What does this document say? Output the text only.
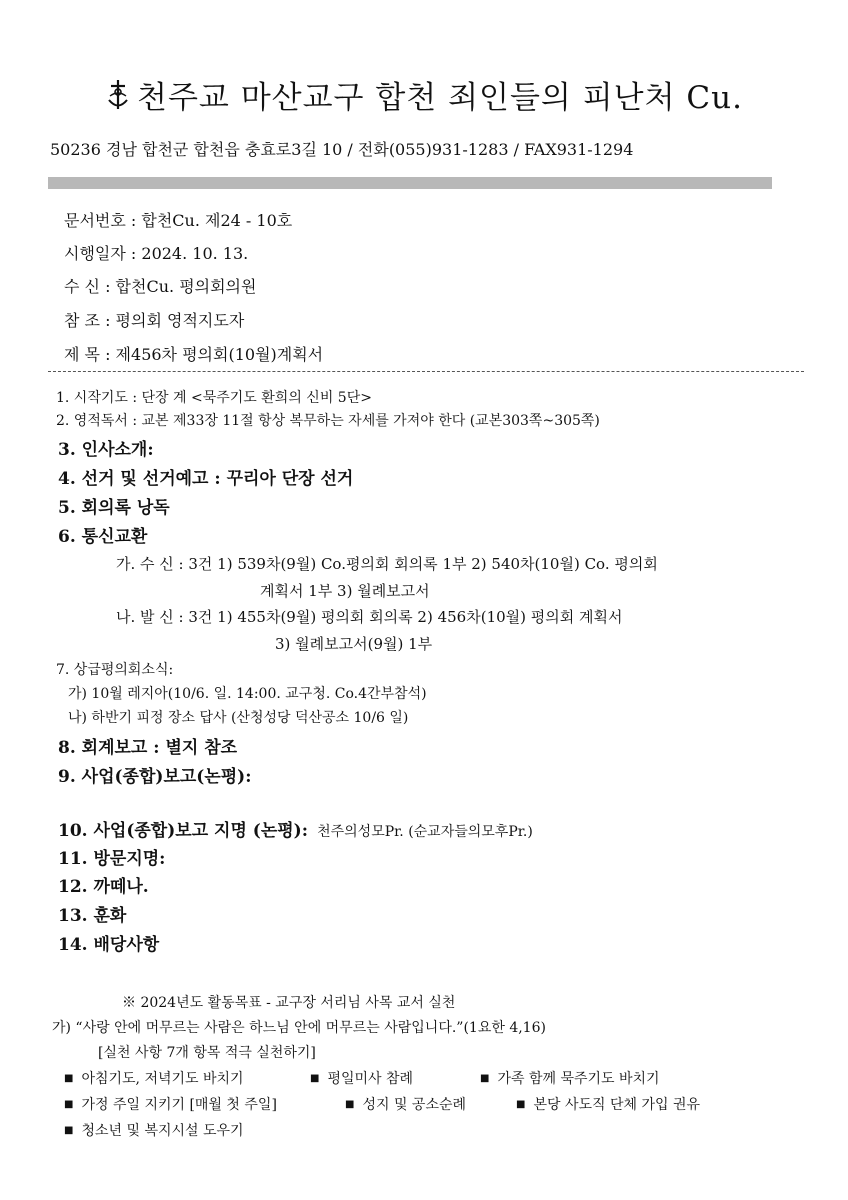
천주교 마산교구 합천 죄인들의 피난처 Cu.
50236 경남 합천군 합천읍 충효로3길 10 / 전화(055)931-1283 / FAX931-1294
문서번호 : 합천Cu. 제24 - 10호
시행일자 : 2024. 10. 13.
수 신 : 합천Cu. 평의회의원
참 조 : 평의회 영적지도자
제 목 : 제456차 평의회(10월)계획서
1. 시작기도 : 단장 계 <묵주기도 환희의 신비 5단>
2. 영적독서 : 교본 제33장 11절 항상 복무하는 자세를 가져야 한다 (교본303쪽~305쪽)
3. 인사소개:
4. 선거 및 선거예고 : 꾸리아 단장 선거
5. 회의록 낭독
6. 통신교환
가. 수 신 : 3건 1) 539차(9월) Co.평의회 회의록 1부 2) 540차(10월) Co. 평의회
계획서 1부 3) 월례보고서
나. 발 신 : 3건 1) 455차(9월) 평의회 회의록 2) 456차(10월) 평의회 계획서
3) 월례보고서(9월) 1부
7. 상급평의회소식:
가) 10월 레지아(10/6. 일. 14:00. 교구청. Co.4간부참석)
나) 하반기 피정 장소 답사 (산청성당 덕산공소 10/6 일)
8. 회계보고 : 별지 참조
9. 사업(종합)보고(논평):
10. 사업(종합)보고 지명 (논평): 천주의성모Pr. (순교자들의모후Pr.)
11. 방문지명:
12. 까떼나.
13. 훈화
14. 배당사항
※ 2024년도 활동목표 - 교구장 서리님 사목 교서 실천
가) “사랑 안에 머무르는 사람은 하느님 안에 머무르는 사람입니다.”(1요한 4,16)
[실천 사항 7개 항목 적극 실천하기]
■ 아침기도, 저녁기도 바치기	■ 평일미사 참례	■ 가족 함께 묵주기도 바치기
■ 가정 주일 지키기 [매월 첫 주일]	■ 성지 및 공소순례	■ 본당 사도직 단체 가입 권유
■ 청소년 및 복지시설 도우기
